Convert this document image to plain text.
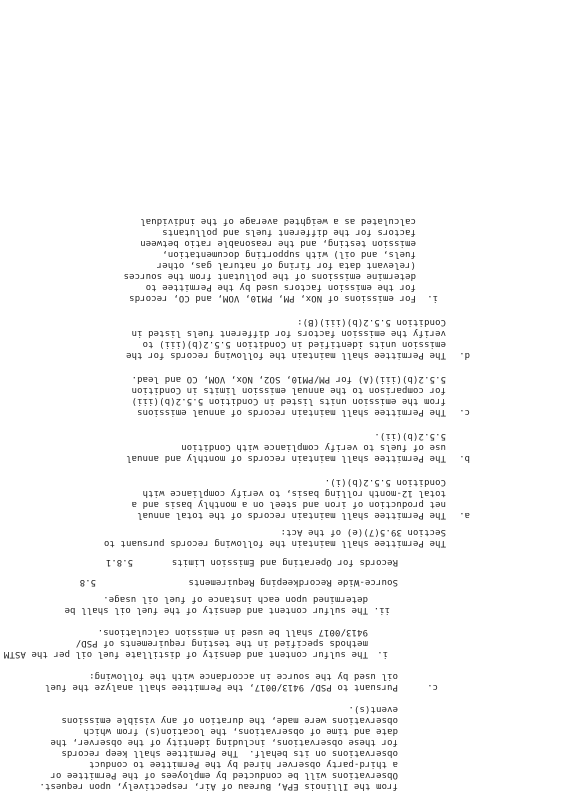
from the Illinois EPA, Bureau of Air, respectively, upon request.
Observations will be conducted by employees of the Permittee or
a third-party observer hired by the Permittee to conduct
observations on its behalf.  The Permittee shall keep records
for these observations, including identity of the observer, the
date and time of observations, the location(s) from which
observations were made, the duration of any visible emissions
event(s).
c.
Pursuant to PSD/ 9413/0017, the Permittee shall analyze the fuel
oil used by the source in accordance with the following:
i.
The sulfur content and density of distillate fuel oil per the ASTM
methods specified in the testing requirements of PSD/
9413/0017 shall be used in emission calculations.
ii.
The sulfur content and density of the fuel oil shall be
determined upon each instance of fuel oil usage.
5.8	Source-Wide Recordkeeping Requirements
5.8.1	Records for Operating and Emission Limits
The Permittee shall maintain the following records pursuant to
Section 39.5(7)(e) of the Act:
a.
The Permittee shall maintain records of the total annual
net production of iron and steel on a monthly basis and a
total 12-month rolling basis, to verify compliance with
Condition 5.5.2(b)(i).
b.
The Permittee shall maintain records of monthly and annual
use of fuels to verify compliance with Condition
5.5.2(b)(ii).
c.
The Permittee shall maintain records of annual emissions
from the emission units listed in Condition 5.5.2(b)(iii)
for comparison to the annual emission limits in Condition
5.5.2(b)(iii)(A) for PM/PM10, SO2, NOx, VOM, CO and lead.
d.
The Permittee shall maintain the following records for the
emission units identified in Condition 5.5.2(b)(iii) to
verify the emission factors for different fuels listed in
Condition 5.5.2(b)(iii)(B):
i.
For emissions of NOx, PM, PM10, VOM, and CO, records
for the emission factors used by the Permittee to
determine emissions of the pollutant from the sources
(relevant data for firing of natural gas, other
fuels, and oil) with supporting documentation,
emission testing, and the reasonable ratio between
factors for the different fuels and pollutants
calculated as a weighted average of the individual
